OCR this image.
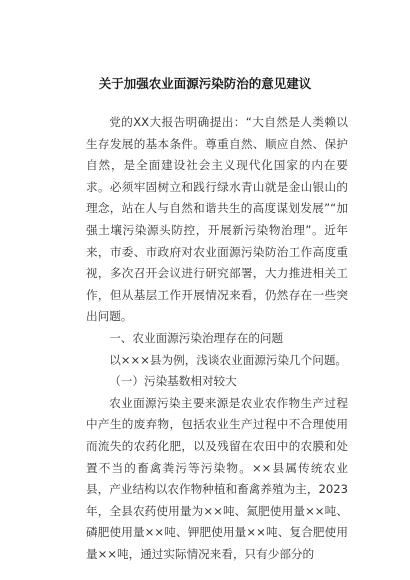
关于加强农业面源污染防治的意见建议

党的XX大报告明确提出：“大自然是人类赖以生存发展的基本条件。尊重自然、顺应自然、保护自然，是全面建设社会主义现代化国家的内在要求。必须牢固树立和践行绿水青山就是金山银山的理念，站在人与自然和谐共生的高度谋划发展”“加强土壤污染源头防控，开展新污染物治理”。近年来，市委、市政府对农业面源污染防治工作高度重视，多次召开会议进行研究部署，大力推进相关工作，但从基层工作开展情况来看，仍然存在一些突出问题。

一、农业面源污染治理存在的问题

以×××县为例，浅谈农业面源污染几个问题。

（一）污染基数相对较大

农业面源污染主要来源是农业农作物生产过程中产生的废弃物，包括农业生产过程中不合理使用而流失的农药化肥，以及残留在农田中的农膜和处置不当的畜禽粪污等污染物。××县属传统农业县，产业结构以农作物种植和畜禽养殖为主，2023年，全县农药使用量为××吨、氮肥使用量××吨、磷肥使用量××吨、钾肥使用量××吨、复合肥使用量××吨，通过实际情况来看，只有少部分的
